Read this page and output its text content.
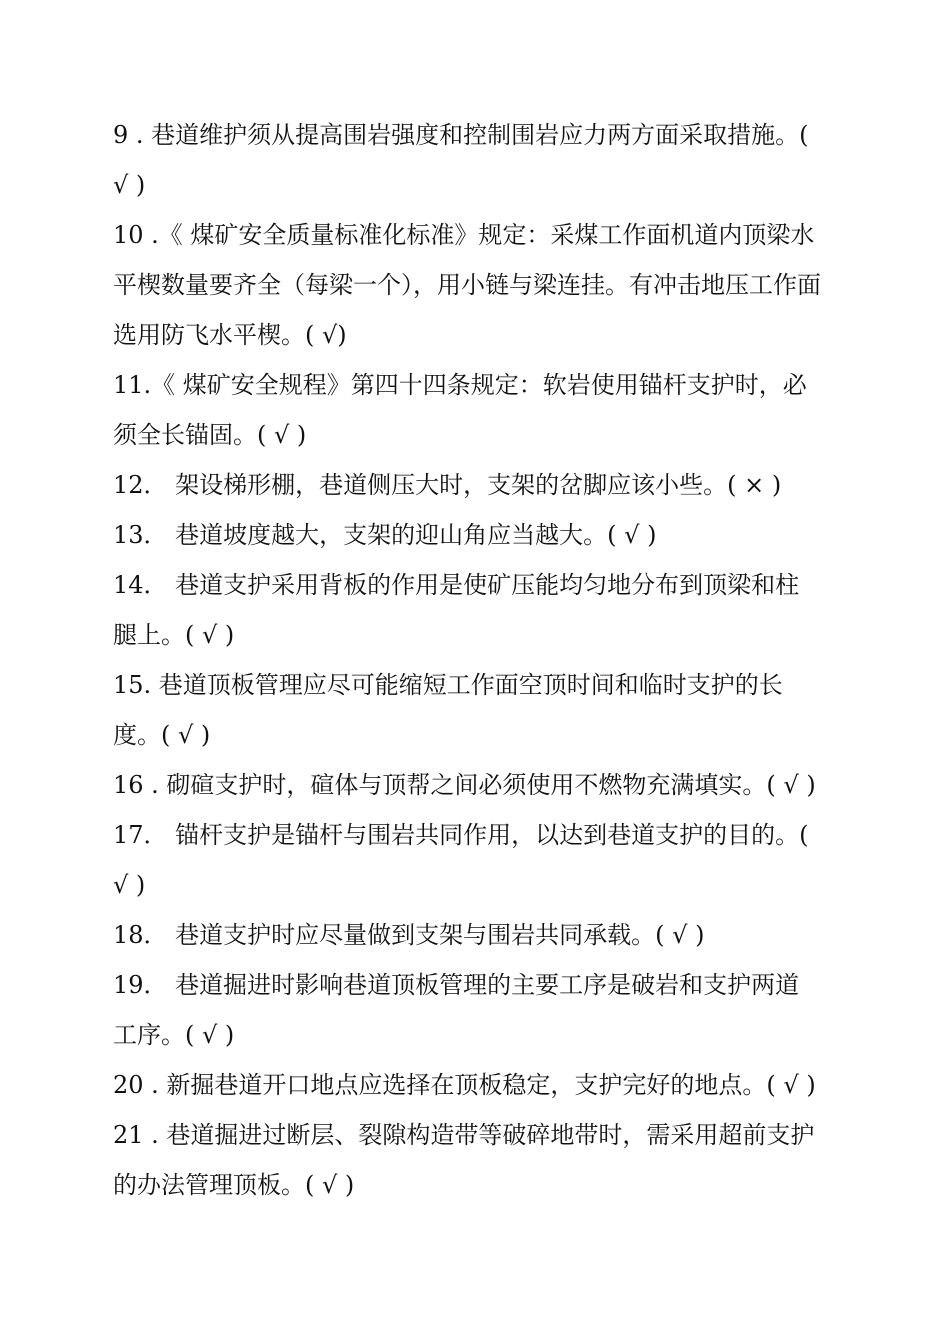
9 . 巷道维护须从提高围岩强度和控制围岩应力两方面采取措施。(
√ )
10 .《 煤矿安全质量标准化标准》规定：采煤工作面机道内顶梁水
平楔数量要齐全（每梁一个），用小链与梁连挂。有冲击地压工作面
选用防飞水平楔。( √)
11.《 煤矿安全规程》第四十四条规定：软岩使用锚杆支护时，必
须全长锚固。( √ )
12． 架设梯形棚，巷道侧压大时，支架的岔脚应该小些。( × )
13． 巷道坡度越大，支架的迎山角应当越大。( √ )
14． 巷道支护采用背板的作用是使矿压能均匀地分布到顶梁和柱
腿上。( √ )
15. 巷道顶板管理应尽可能缩短工作面空顶时间和临时支护的长
度。( √ )
16 . 砌碹支护时，碹体与顶帮之间必须使用不燃物充满填实。( √ )
17． 锚杆支护是锚杆与围岩共同作用，以达到巷道支护的目的。(
√ )
18． 巷道支护时应尽量做到支架与围岩共同承载。( √ )
19． 巷道掘进时影响巷道顶板管理的主要工序是破岩和支护两道
工序。( √ )
20 . 新掘巷道开口地点应选择在顶板稳定，支护完好的地点。( √ )
21 . 巷道掘进过断层、裂隙构造带等破碎地带时，需采用超前支护
的办法管理顶板。( √ )
